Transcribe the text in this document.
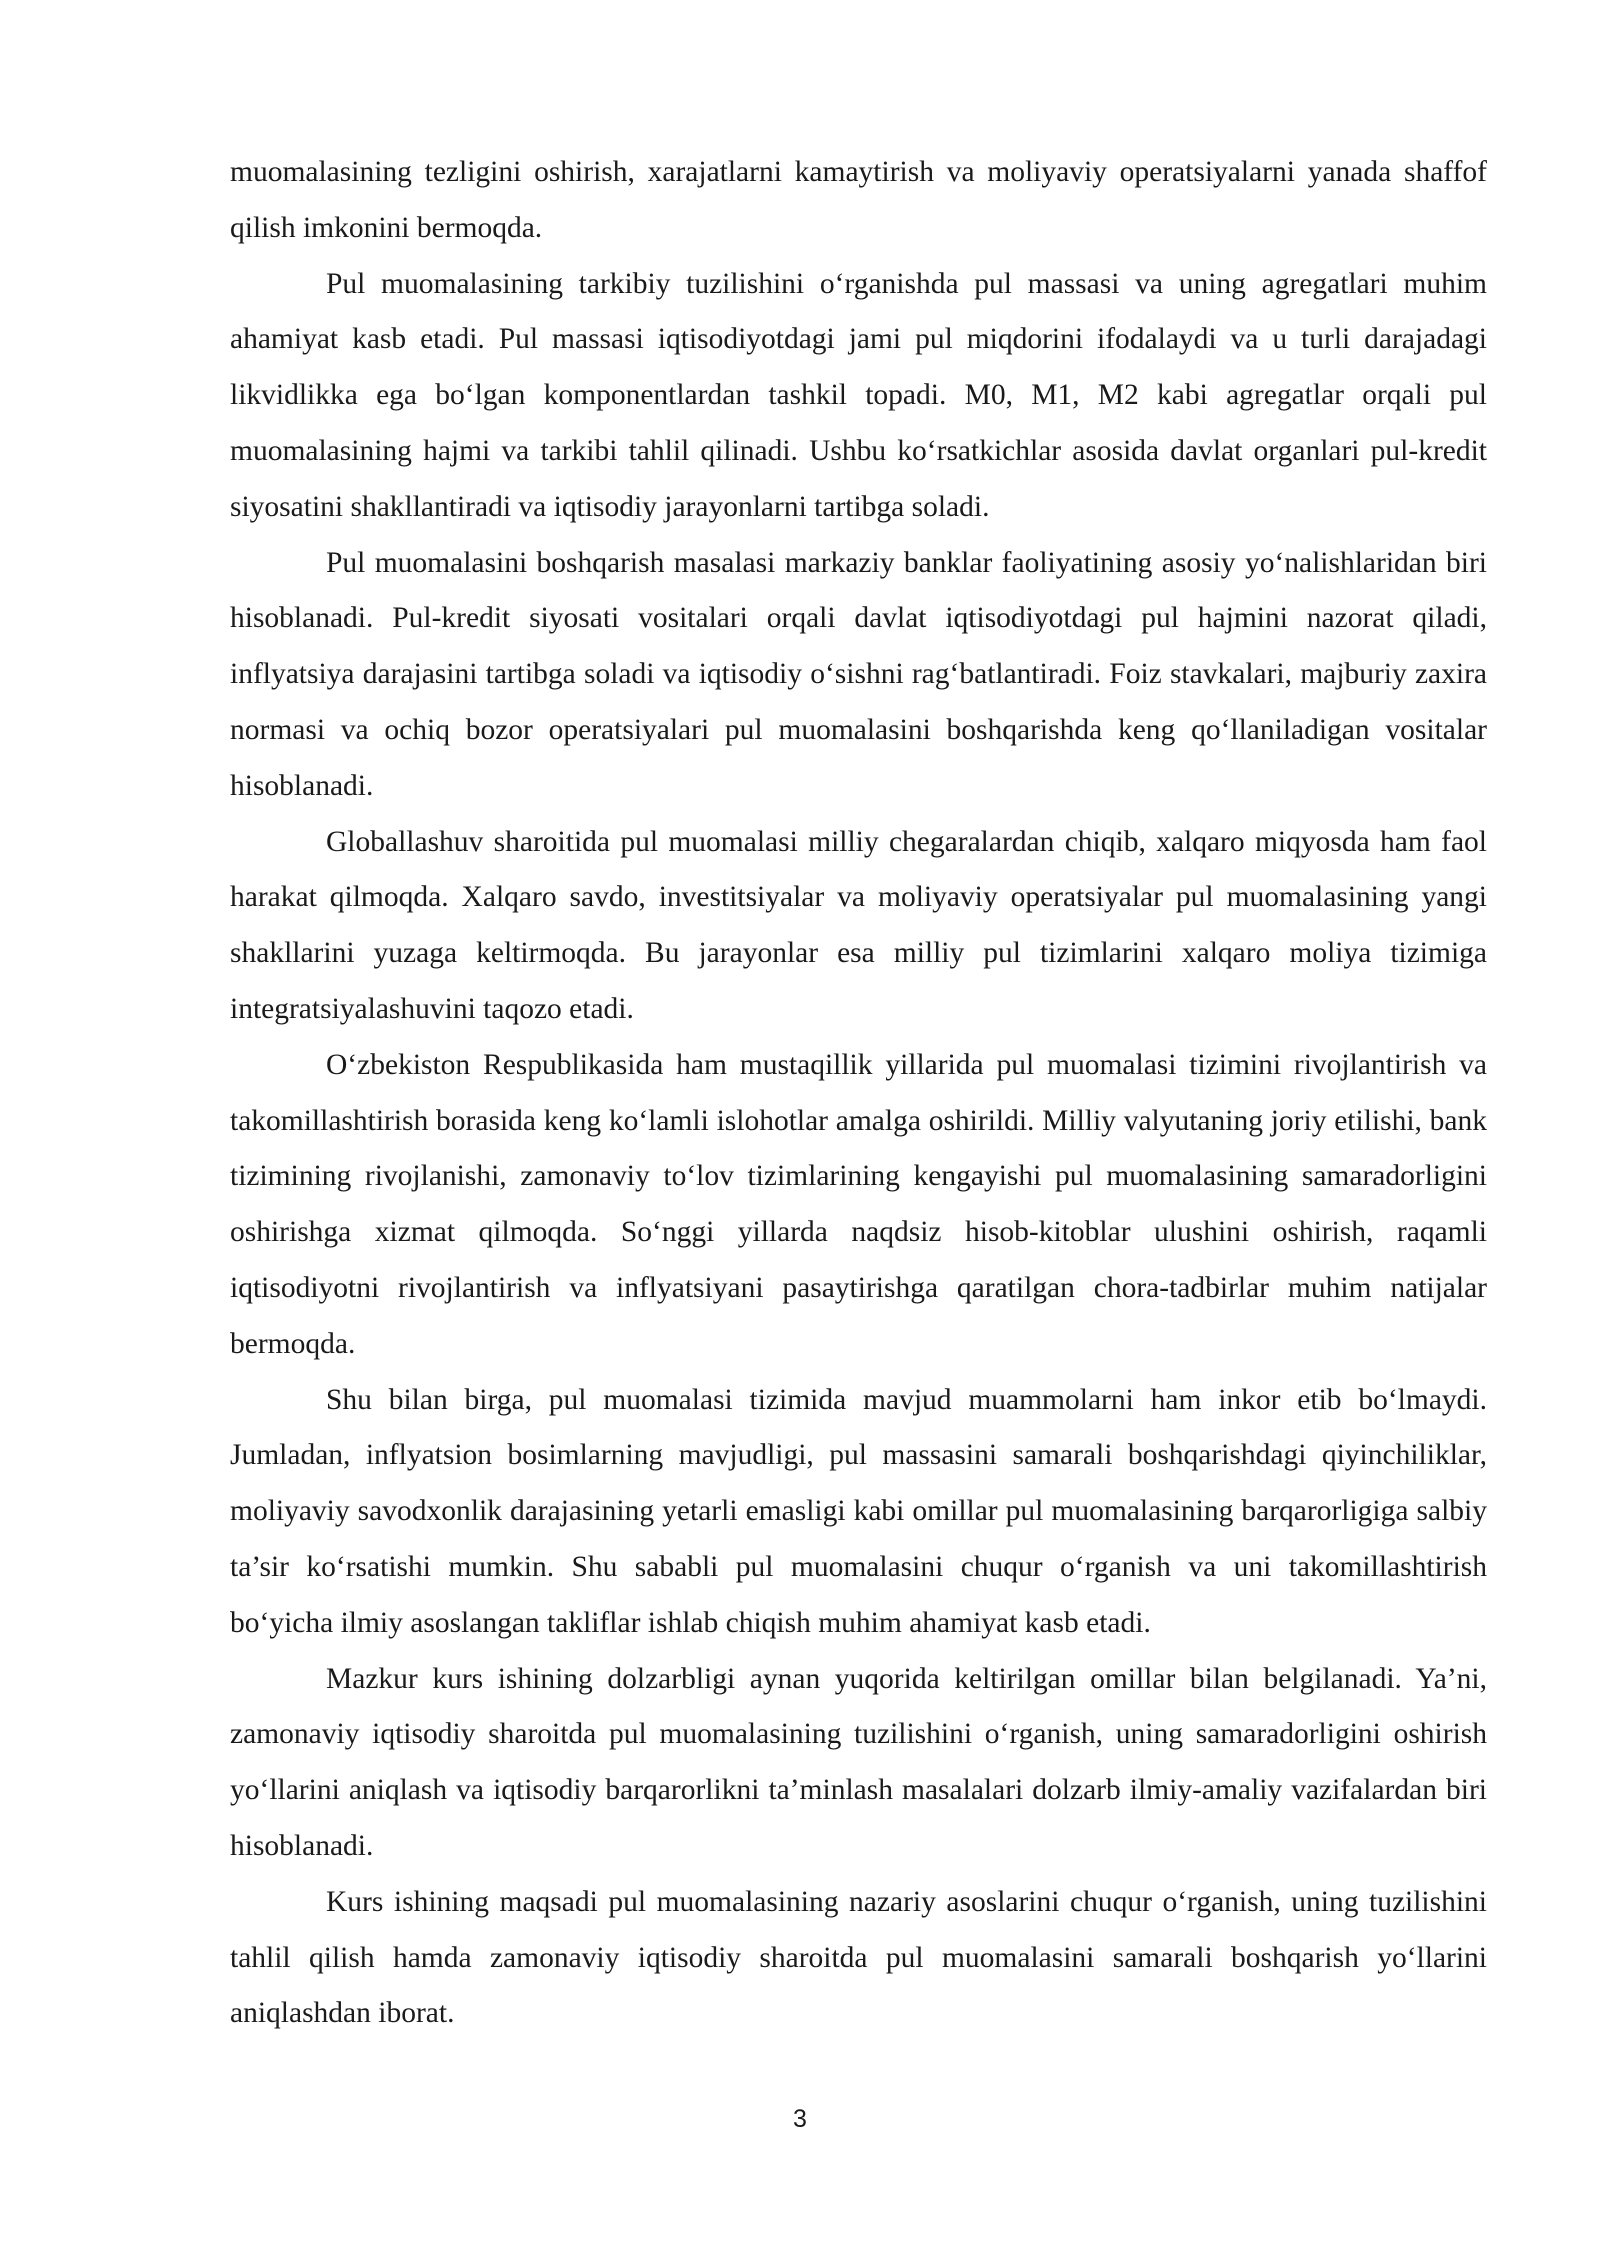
muomalasining tezligini oshirish, xarajatlarni kamaytirish va moliyaviy operatsiyalarni yanada shaffof qilish imkonini bermoqda.

Pul muomalasining tarkibiy tuzilishini o‘rganishda pul massasi va uning agregatlari muhim ahamiyat kasb etadi. Pul massasi iqtisodiyotdagi jami pul miqdorini ifodalaydi va u turli darajadagi likvidlikka ega bo‘lgan komponentlardan tashkil topadi. M0, M1, M2 kabi agregatlar orqali pul muomalasining hajmi va tarkibi tahlil qilinadi. Ushbu ko‘rsatkichlar asosida davlat organlari pul-kredit siyosatini shakllantiradi va iqtisodiy jarayonlarni tartibga soladi.

Pul muomalasini boshqarish masalasi markaziy banklar faoliyatining asosiy yo‘nalishlaridan biri hisoblanadi. Pul-kredit siyosati vositalari orqali davlat iqtisodiyotdagi pul hajmini nazorat qiladi, inflyatsiya darajasini tartibga soladi va iqtisodiy o‘sishni rag‘batlantiradi. Foiz stavkalari, majburiy zaxira normasi va ochiq bozor operatsiyalari pul muomalasini boshqarishda keng qo‘llaniladigan vositalar hisoblanadi.

Globallashuv sharoitida pul muomalasi milliy chegaralardan chiqib, xalqaro miqyosda ham faol harakat qilmoqda. Xalqaro savdo, investitsiyalar va moliyaviy operatsiyalar pul muomalasining yangi shakllarini yuzaga keltirmoqda. Bu jarayonlar esa milliy pul tizimlarini xalqaro moliya tizimiga integratsiyalashuvini taqozo etadi.

O‘zbekiston Respublikasida ham mustaqillik yillarida pul muomalasi tizimini rivojlantirish va takomillashtirish borasida keng ko‘lamli islohotlar amalga oshirildi. Milliy valyutaning joriy etilishi, bank tizimining rivojlanishi, zamonaviy to‘lov tizimlarining kengayishi pul muomalasining samaradorligini oshirishga xizmat qilmoqda. So‘nggi yillarda naqdsiz hisob-kitoblar ulushini oshirish, raqamli iqtisodiyotni rivojlantirish va inflyatsiyani pasaytirishga qaratilgan chora-tadbirlar muhim natijalar bermoqda.

Shu bilan birga, pul muomalasi tizimida mavjud muammolarni ham inkor etib bo‘lmaydi. Jumladan, inflyatsion bosimlarning mavjudligi, pul massasini samarali boshqarishdagi qiyinchiliklar, moliyaviy savodxonlik darajasining yetarli emasligi kabi omillar pul muomalasining barqarorligiga salbiy ta’sir ko‘rsatishi mumkin. Shu sababli pul muomalasini chuqur o‘rganish va uni takomillashtirish bo‘yicha ilmiy asoslangan takliflar ishlab chiqish muhim ahamiyat kasb etadi.

Mazkur kurs ishining dolzarbligi aynan yuqorida keltirilgan omillar bilan belgilanadi. Ya’ni, zamonaviy iqtisodiy sharoitda pul muomalasining tuzilishini o‘rganish, uning samaradorligini oshirish yo‘llarini aniqlash va iqtisodiy barqarorlikni ta’minlash masalalari dolzarb ilmiy-amaliy vazifalardan biri hisoblanadi.

Kurs ishining maqsadi pul muomalasining nazariy asoslarini chuqur o‘rganish, uning tuzilishini tahlil qilish hamda zamonaviy iqtisodiy sharoitda pul muomalasini samarali boshqarish yo‘llarini aniqlashdan iborat.

3
